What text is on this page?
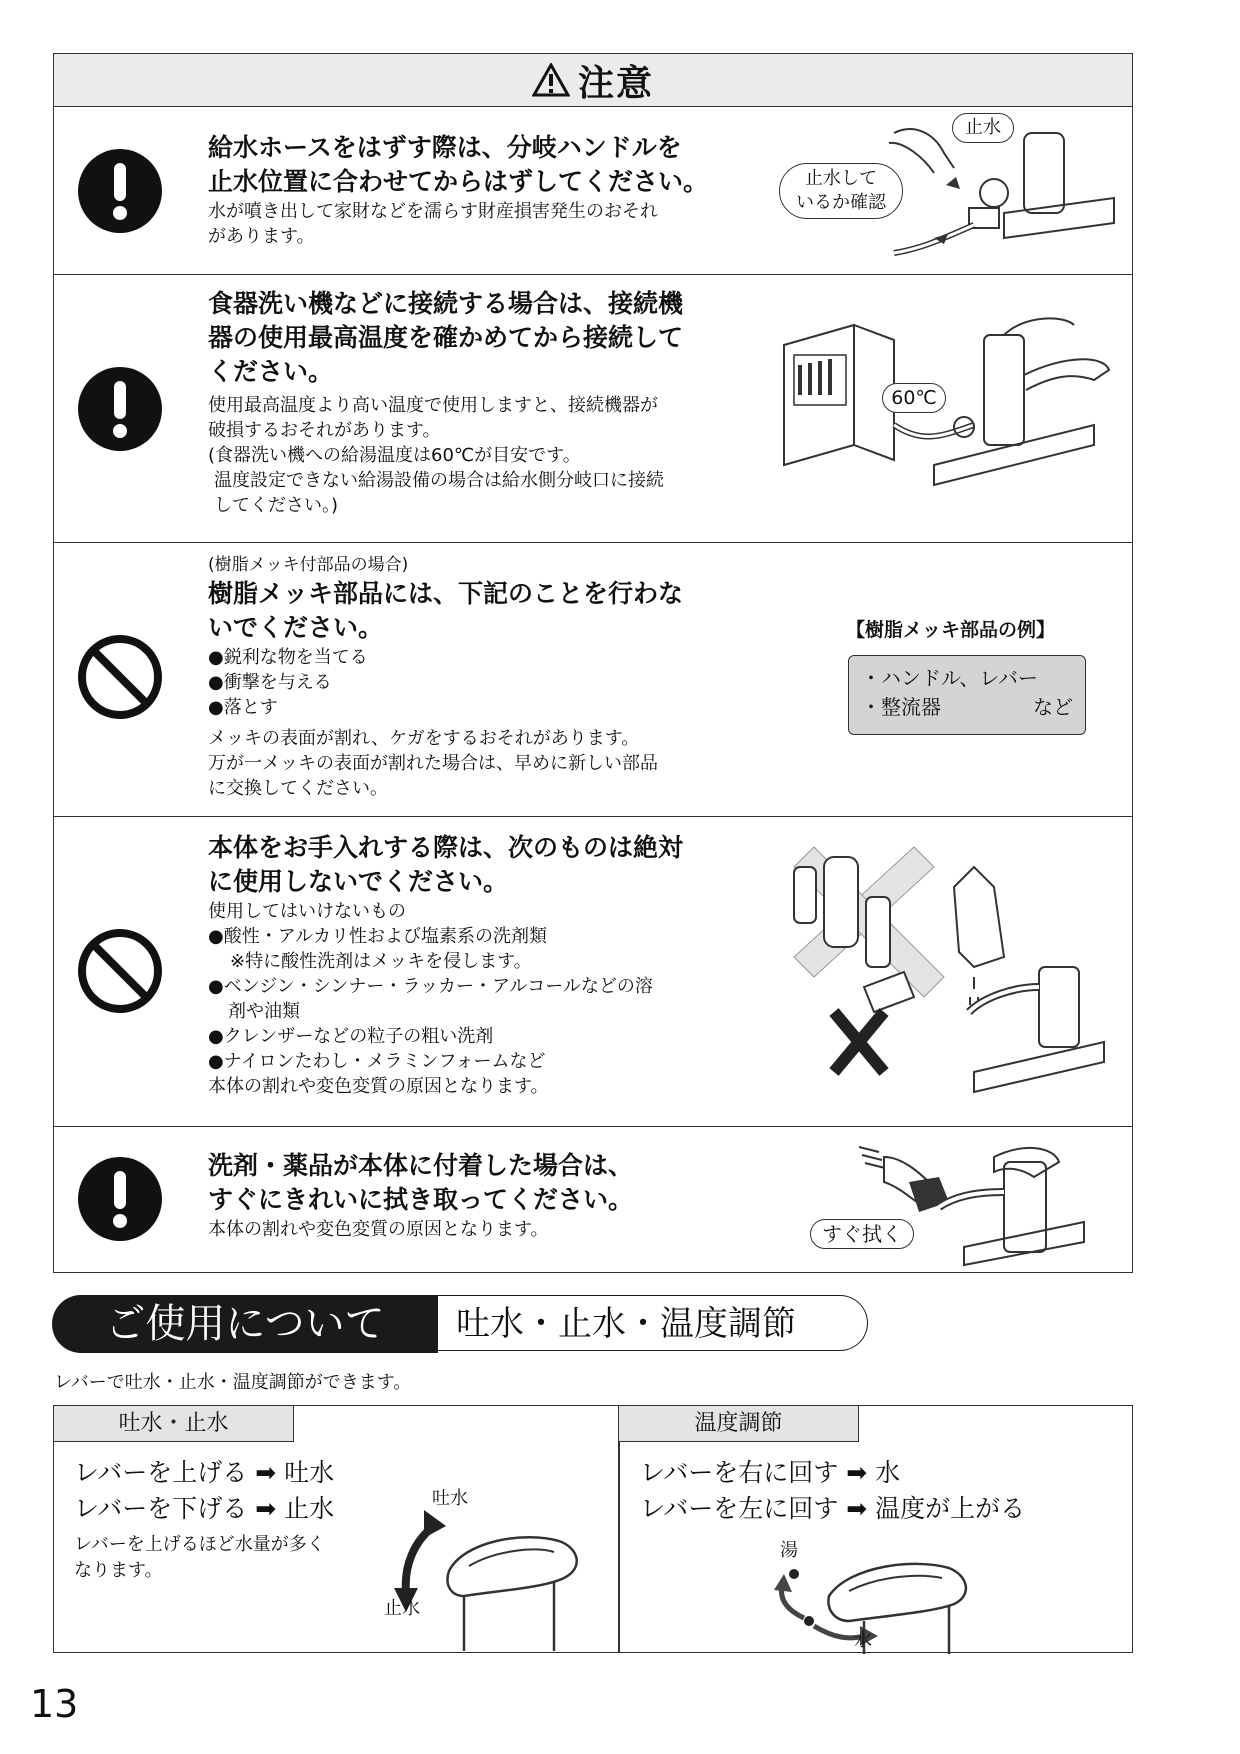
注意

給水ホースをはずす際は、分岐ハンドルを

止水位置に合わせてからはずしてください。

水が噴き出して家財などを濡らす財産損害発生のおそれ

があります。

止水
止水して
いるか確認

食器洗い機などに接続する場合は、接続機

器の使用最高温度を確かめてから接続して

ください。

使用最高温度より高い温度で使用しますと、接続機器が

破損するおそれがあります。

(食器洗い機への給湯温度は60℃が目安です。

温度設定できない給湯設備の場合は給水側分岐口に接続

してください。)

60℃

(樹脂メッキ付部品の場合)

樹脂メッキ部品には、下記のことを行わな

いでください。

●鋭利な物を当てる

●衝撃を与える

●落とす

メッキの表面が割れ、ケガをするおそれがあります。

万が一メッキの表面が割れた場合は、早めに新しい部品

に交換してください。

【樹脂メッキ部品の例】
・ハンドル、レバー
・整流器	など

本体をお手入れする際は、次のものは絶対

に使用しないでください。

使用してはいけないもの

●酸性・アルカリ性および塩素系の洗剤類

※特に酸性洗剤はメッキを侵します。

●ベンジン・シンナー・ラッカー・アルコールなどの溶

剤や油類

●クレンザーなどの粒子の粗い洗剤

●ナイロンたわし・メラミンフォームなど

本体の割れや変色変質の原因となります。

洗剤・薬品が本体に付着した場合は、

すぐにきれいに拭き取ってください。

本体の割れや変色変質の原因となります。	すぐ拭く
ご使用について	吐水・止水・温度調節
レバーで吐水・止水・温度調節ができます。
吐水・止水
レバーを上げる ➡ 吐水
レバーを下げる ➡ 止水
レバーを上げるほど水量が多く
なります。
吐水
止水
温度調節
レバーを右に回す ➡ 水
レバーを左に回す ➡ 温度が上がる
湯
水
13
